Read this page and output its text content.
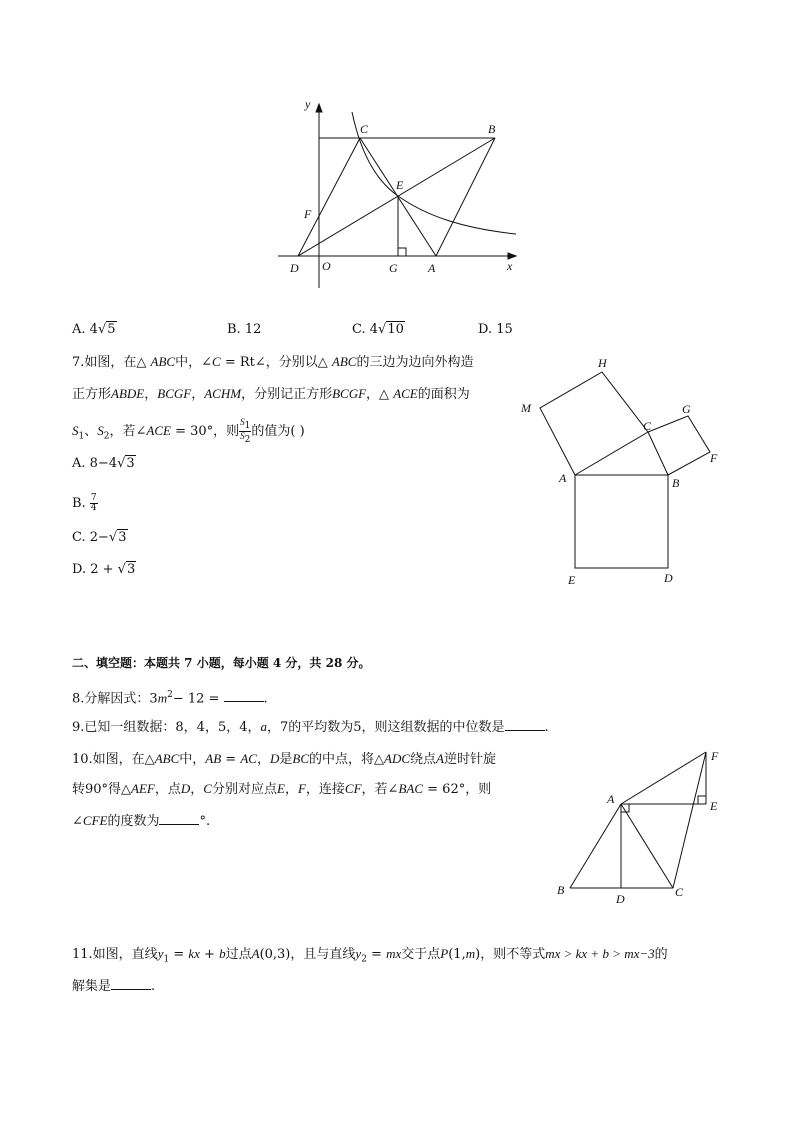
y
C	B
E
F
D O	G	A	x
H
M
C
G
F
A	B
E	D
F
A	E
B
D	C
A. 4√5	B. 12	C. 4√10	D. 15
7.如图，在△ ABC中，∠C = Rt∠，分别以△ ABC的三边为边向外构造
正方形ABDE，BCGF，ACHM，分别记正方形BCGF，△ ACE的面积为
$S_1$、$S_2$，若∠ACE = 30°，则 $\frac{S_1}{S_2}$ 的值为( )
A. 8−4√3
B. $\frac{7}{4}$
C. 2−√3
D. 2 + √3
二、填空题：本题共 7 小题，每小题 4 分，共 28 分。
8.分解因式：$3m^2- 12$ =	.
9.已知一组数据：8，4，5，4，a，7的平均数为5，则这组数据的中位数是	.
10.如图，在△ABC中，AB = AC，D是BC的中点，将△ADC绕点A逆时针旋
转90°得△AEF，点D，C分别对应点E，F，连接CF，若∠BAC = 62°，则
∠CFE的度数为	°.
11.如图，直线$y_1$ = kx + b过点A(0,3)，且与直线$y_2$ = mx交于点P(1,m)，则不等式mx > kx + b > mx−3的
解集是	.
